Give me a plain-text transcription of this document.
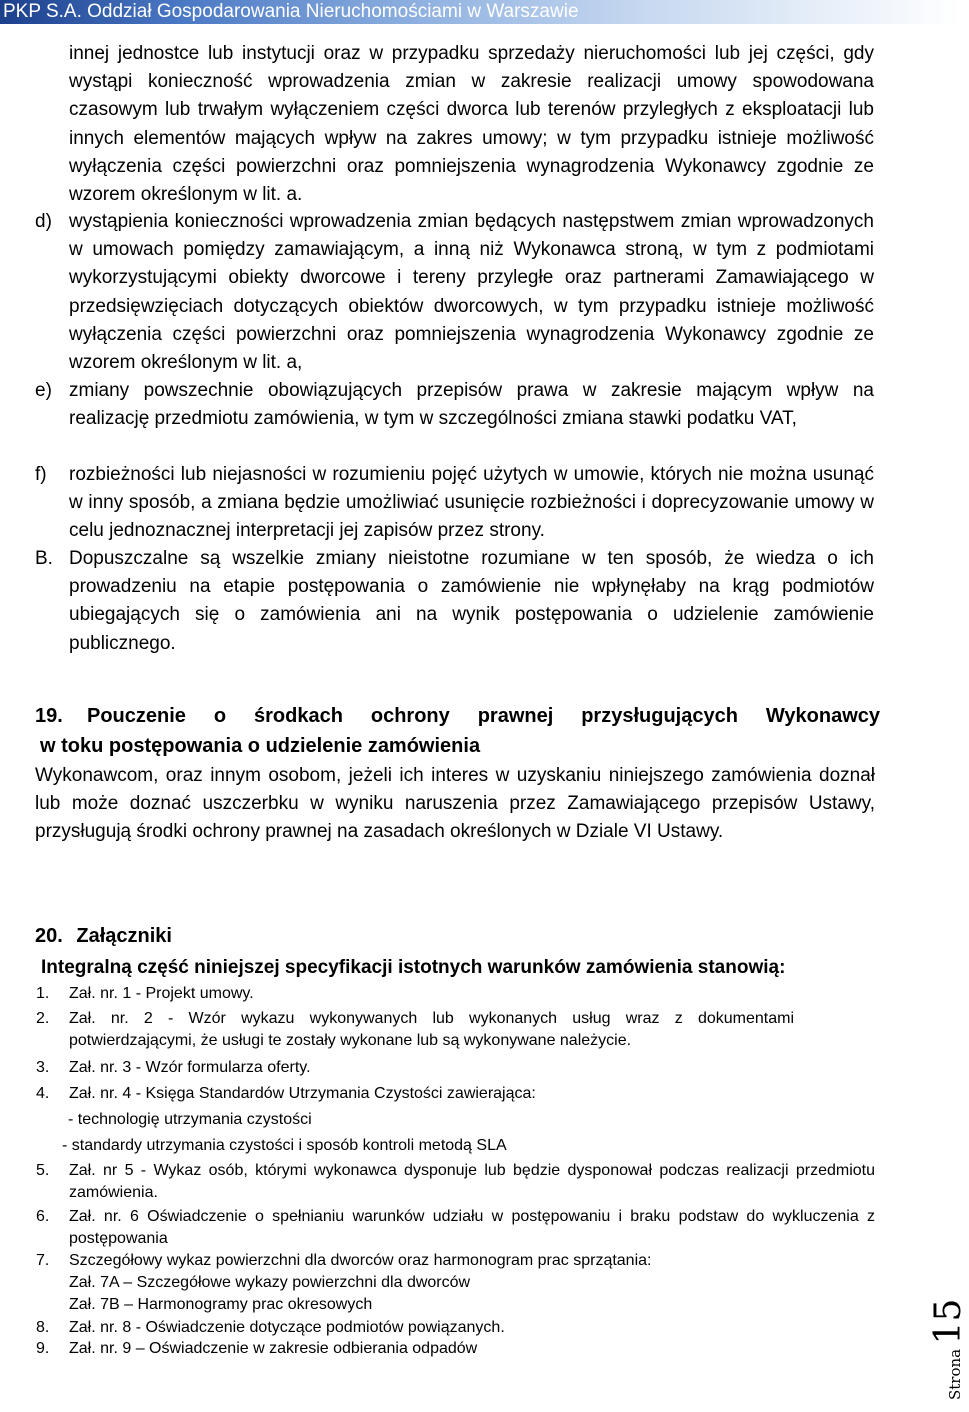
PKP S.A. Oddział Gospodarowania Nieruchomościami w Warszawie
innej jednostce lub instytucji oraz w przypadku sprzedaży nieruchomości lub jej części, gdy wystąpi konieczność wprowadzenia zmian w zakresie realizacji umowy spowodowana czasowym lub trwałym wyłączeniem części dworca lub terenów przyległych z eksploatacji lub innych elementów mających wpływ na zakres umowy; w tym przypadku istnieje możliwość wyłączenia części powierzchni oraz pomniejszenia wynagrodzenia Wykonawcy zgodnie ze wzorem określonym w lit. a.
d) wystąpienia konieczności wprowadzenia zmian będących następstwem zmian wprowadzonych w umowach pomiędzy zamawiającym, a inną niż Wykonawca stroną, w tym z podmiotami wykorzystującymi obiekty dworcowe i tereny przyległe oraz partnerami Zamawiającego w przedsięwzięciach dotyczących obiektów dworcowych, w tym przypadku istnieje możliwość wyłączenia części powierzchni oraz pomniejszenia wynagrodzenia Wykonawcy zgodnie ze wzorem określonym w lit. a,
e) zmiany powszechnie obowiązujących przepisów prawa w zakresie mającym wpływ na realizację przedmiotu zamówienia, w tym w szczególności zmiana stawki podatku VAT,
f) rozbieżności lub niejasności w rozumieniu pojęć użytych w umowie, których nie można usunąć w inny sposób, a zmiana będzie umożliwiać usunięcie rozbieżności i doprecyzowanie umowy w celu jednoznacznej interpretacji jej zapisów przez strony.
B. Dopuszczalne są wszelkie zmiany nieistotne rozumiane w ten sposób, że wiedza o ich prowadzeniu na etapie postępowania o zamówienie nie wpłynęłaby na krąg podmiotów ubiegających się o zamówienia ani na wynik postępowania o udzielenie zamówienie publicznego.
19.	Pouczenie o środkach ochrony prawnej przysługujących Wykonawcy
w toku postępowania o udzielenie zamówienia
Wykonawcom, oraz innym osobom, jeżeli ich interes w uzyskaniu niniejszego zamówienia doznał lub może doznać uszczerbku w wyniku naruszenia przez Zamawiającego przepisów Ustawy, przysługują środki ochrony prawnej na zasadach określonych w Dziale VI Ustawy.
20. Załączniki
Integralną część niniejszej specyfikacji istotnych warunków zamówienia stanowią:
1. Zał. nr. 1 - Projekt umowy.
2. Zał. nr. 2 - Wzór wykazu wykonywanych lub wykonanych usług wraz z dokumentami potwierdzającymi, że usługi te zostały wykonane lub są wykonywane należycie.
3. Zał. nr. 3 - Wzór formularza oferty.
4. Zał. nr. 4 - Księga Standardów Utrzymania Czystości zawierająca:
- technologię utrzymania czystości
- standardy utrzymania czystości i sposób kontroli metodą SLA
5. Zał. nr 5 - Wykaz osób, którymi wykonawca dysponuje lub będzie dysponował podczas realizacji przedmiotu zamówienia.
6. Zał. nr. 6 Oświadczenie o spełnianiu warunków udziału w postępowaniu i braku podstaw do wykluczenia z postępowania
7. Szczegółowy wykaz powierzchni dla dworców oraz harmonogram prac sprzątania:
Zał. 7A – Szczegółowe wykazy powierzchni dla dworców
Zał. 7B – Harmonogramy prac okresowych
8. Zał. nr. 8 - Oświadczenie dotyczące podmiotów powiązanych.
9. Zał. nr. 9 – Oświadczenie w zakresie odbierania odpadów
Strona 15
